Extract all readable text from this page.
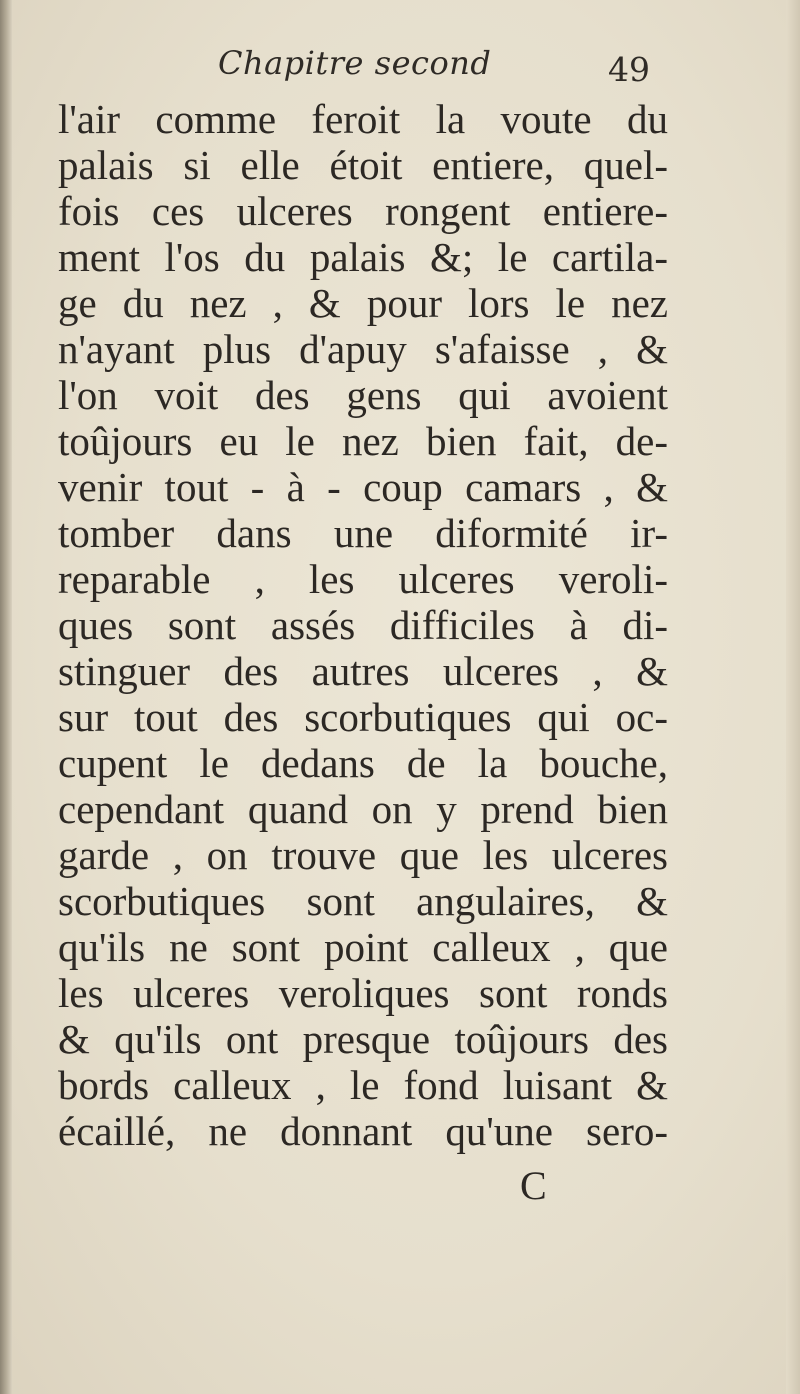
Chapitre second	49
l'air comme feroit la voute du
palais si elle étoit entiere, quel-
fois ces ulceres rongent entiere-
ment l'os du palais &; le cartila-
ge du nez , & pour lors le nez
n'ayant plus d'apuy s'afaisse , &
l'on voit des gens qui avoient
toûjours eu le nez bien fait, de-
venir tout - à - coup camars , &
tomber dans une diformité ir-
reparable , les ulceres veroli-
ques sont assés difficiles à di-
stinguer des autres ulceres , &
sur tout des scorbutiques qui oc-
cupent le dedans de la bouche,
cependant quand on y prend bien
garde , on trouve que les ulceres
scorbutiques sont angulaires, &
qu'ils ne sont point calleux , que
les ulceres veroliques sont ronds
& qu'ils ont presque toûjours des
bords calleux , le fond luisant &
écaillé, ne donnant qu'une sero-
C
